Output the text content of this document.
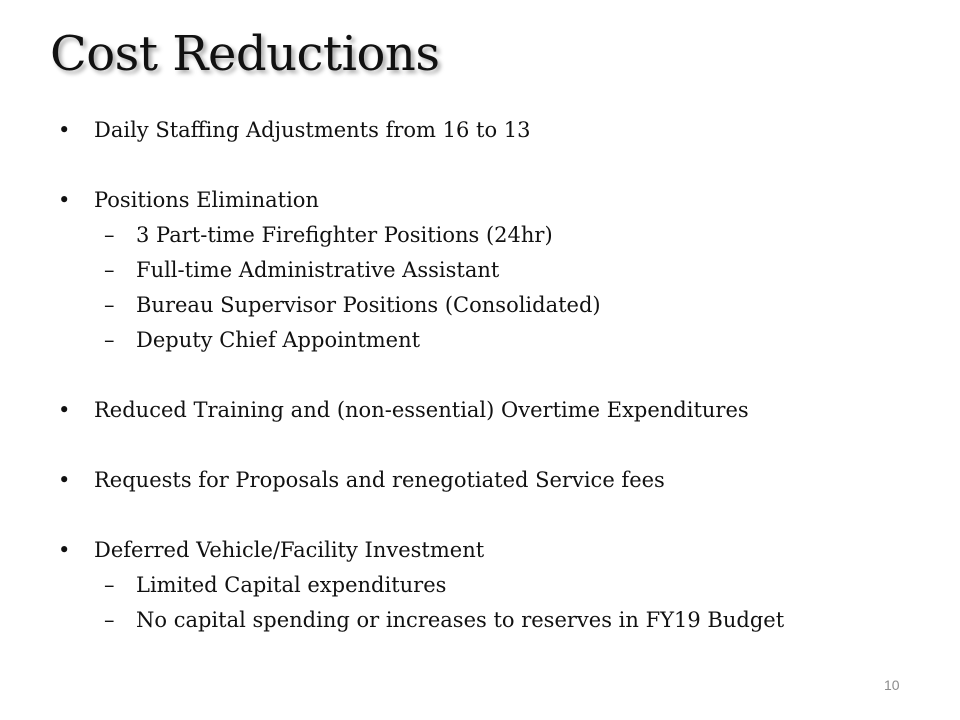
Cost Reductions
•	Daily Staffing Adjustments from 16 to 13
•	Positions Elimination
– 3 Part-time Firefighter Positions (24hr)
– Full-time Administrative Assistant
– Bureau Supervisor Positions (Consolidated)
– Deputy Chief Appointment
•	Reduced Training and (non-essential) Overtime Expenditures
•	Requests for Proposals and renegotiated Service fees
•	Deferred Vehicle/Facility Investment
– Limited Capital expenditures
– No capital spending or increases to reserves in FY19 Budget
10
